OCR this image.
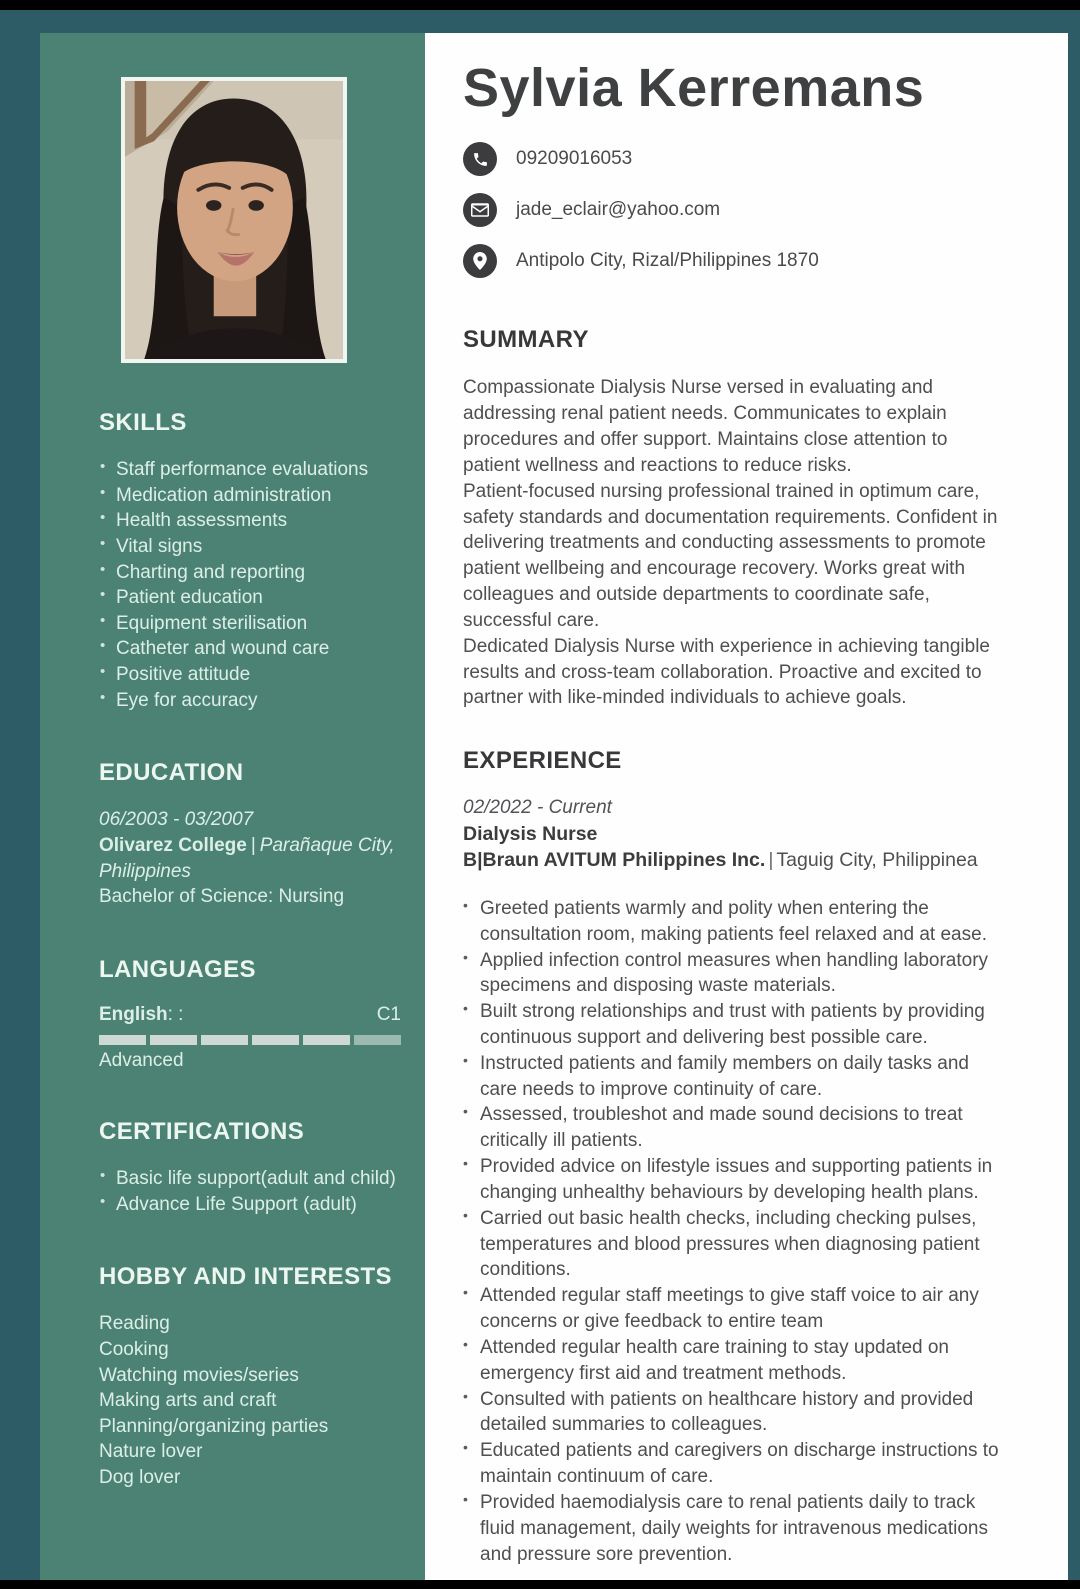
SKILLS
• Staff performance evaluations
• Medication administration
• Health assessments
• Vital signs
• Charting and reporting
• Patient education
• Equipment sterilisation
• Catheter and wound care
• Positive attitude
• Eye for accuracy
EDUCATION
06/2003 - 03/2007
Olivarez College | Parañaque City, Philippines
Bachelor of Science: Nursing
LANGUAGES
English: :	C1
Advanced
CERTIFICATIONS
• Basic life support(adult and child)
• Advance Life Support (adult)
HOBBY AND INTERESTS
Reading
Cooking
Watching movies/series
Making arts and craft
Planning/organizing parties
Nature lover
Dog lover
Sylvia Kerremans
09209016053
jade_eclair@yahoo.com
Antipolo City, Rizal/Philippines 1870
SUMMARY

Compassionate Dialysis Nurse versed in evaluating and addressing renal patient needs. Communicates to explain procedures and offer support. Maintains close attention to patient wellness and reactions to reduce risks.

Patient-focused nursing professional trained in optimum care, safety standards and documentation requirements. Confident in delivering treatments and conducting assessments to promote patient wellbeing and encourage recovery. Works great with colleagues and outside departments to coordinate safe, successful care.

Dedicated Dialysis Nurse with experience in achieving tangible results and cross-team collaboration. Proactive and excited to partner with like-minded individuals to achieve goals.

EXPERIENCE
02/2022 - Current
Dialysis Nurse
B|Braun AVITUM Philippines Inc. | Taguig City, Philippinea
• Greeted patients warmly and polity when entering the consultation room, making patients feel relaxed and at ease.
• Applied infection control measures when handling laboratory specimens and disposing waste materials.
• Built strong relationships and trust with patients by providing continuous support and delivering best possible care.
• Instructed patients and family members on daily tasks and care needs to improve continuity of care.
• Assessed, troubleshot and made sound decisions to treat critically ill patients.
• Provided advice on lifestyle issues and supporting patients in changing unhealthy behaviours by developing health plans.
• Carried out basic health checks, including checking pulses, temperatures and blood pressures when diagnosing patient conditions.
• Attended regular staff meetings to give staff voice to air any concerns or give feedback to entire team
• Attended regular health care training to stay updated on emergency first aid and treatment methods.
• Consulted with patients on healthcare history and provided detailed summaries to colleagues.
• Educated patients and caregivers on discharge instructions to maintain continuum of care.
• Provided haemodialysis care to renal patients daily to track fluid management, daily weights for intravenous medications and pressure sore prevention.
